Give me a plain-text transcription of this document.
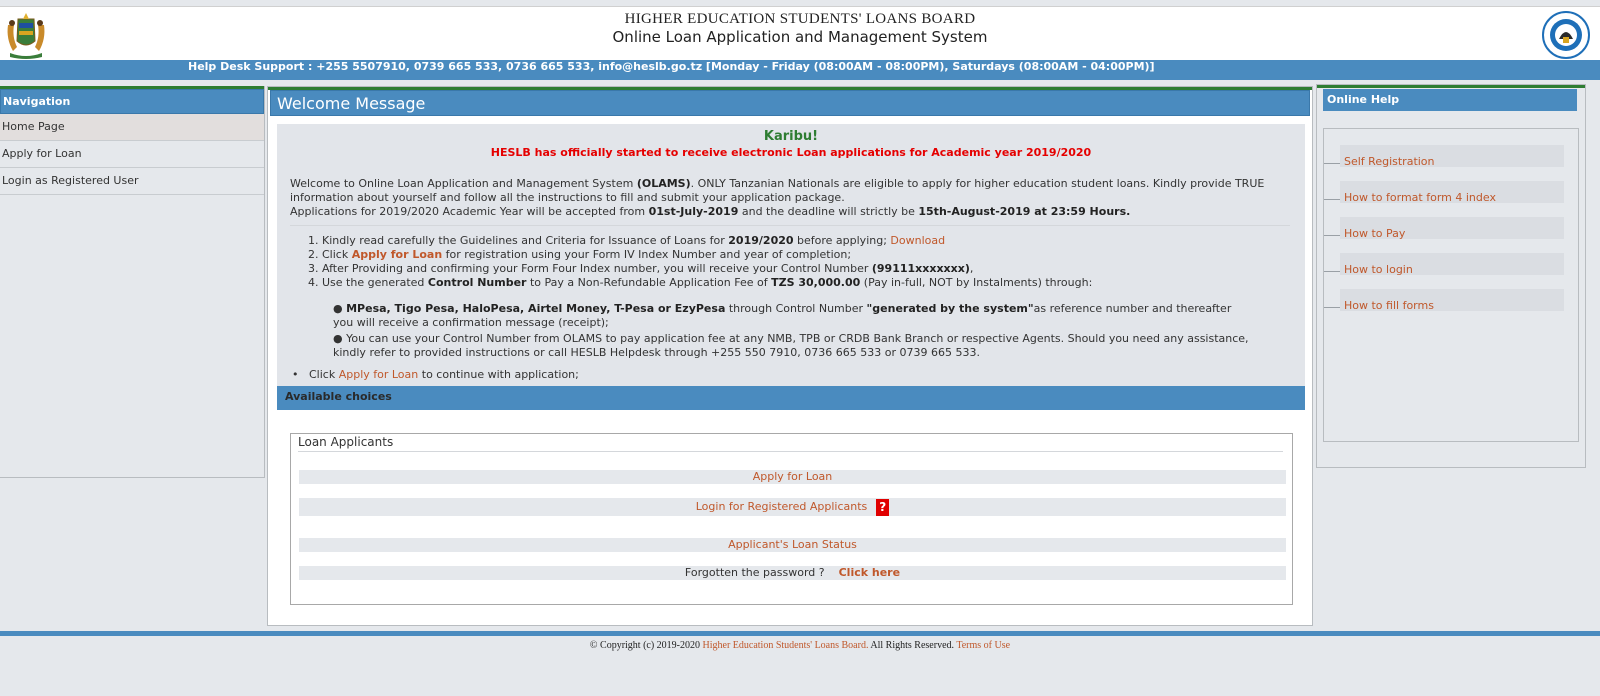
HIGHER EDUCATION STUDENTS' LOANS BOARD
Online Loan Application and Management System
Help Desk Support : +255 5507910, 0739 665 533, 0736 665 533, info@heslb.go.tz [Monday - Friday (08:00AM - 08:00PM), Saturdays (08:00AM - 04:00PM)]
Navigation
Home Page
Apply for Loan
Login as Registered User
Welcome Message
Karibu!
HESLB has officially started to receive electronic Loan applications for Academic year 2019/2020
Welcome to Online Loan Application and Management System (OLAMS). ONLY Tanzanian Nationals are eligible to apply for higher education student loans. Kindly provide TRUE information about yourself and follow all the instructions to fill and submit your application package.
Applications for 2019/2020 Academic Year will be accepted from 01st-July-2019 and the deadline will strictly be 15th-August-2019 at 23:59 Hours.
1. Kindly read carefully the Guidelines and Criteria for Issuance of Loans for 2019/2020 before applying; Download
2. Click Apply for Loan for registration using your Form IV Index Number and year of completion;
3. After Providing and confirming your Form Four Index number, you will receive your Control Number (99111xxxxxxx),
4. Use the generated Control Number to Pay a Non-Refundable Application Fee of TZS 30,000.00 (Pay in-full, NOT by Instalments) through:

● MPesa, Tigo Pesa, HaloPesa, Airtel Money, T-Pesa or EzyPesa through Control Number "generated by the system"as reference number and thereafter you will receive a confirmation message (receipt);

● You can use your Control Number from OLAMS to pay application fee at any NMB, TPB or CRDB Bank Branch or respective Agents. Should you need any assistance, kindly refer to provided instructions or call HESLB Helpdesk through +255 550 7910, 0736 665 533 or 0739 665 533.

•   Click Apply for Loan to continue with application;
Available choices
Loan Applicants
Apply for Loan
Login for Registered Applicants ?
Applicant's Loan Status
Forgotten the password ? Click here
Online Help
Self Registration
How to format form 4 index
How to Pay
How to login
How to fill forms
© Copyright (c) 2019-2020 Higher Education Students' Loans Board. All Rights Reserved. Terms of Use
